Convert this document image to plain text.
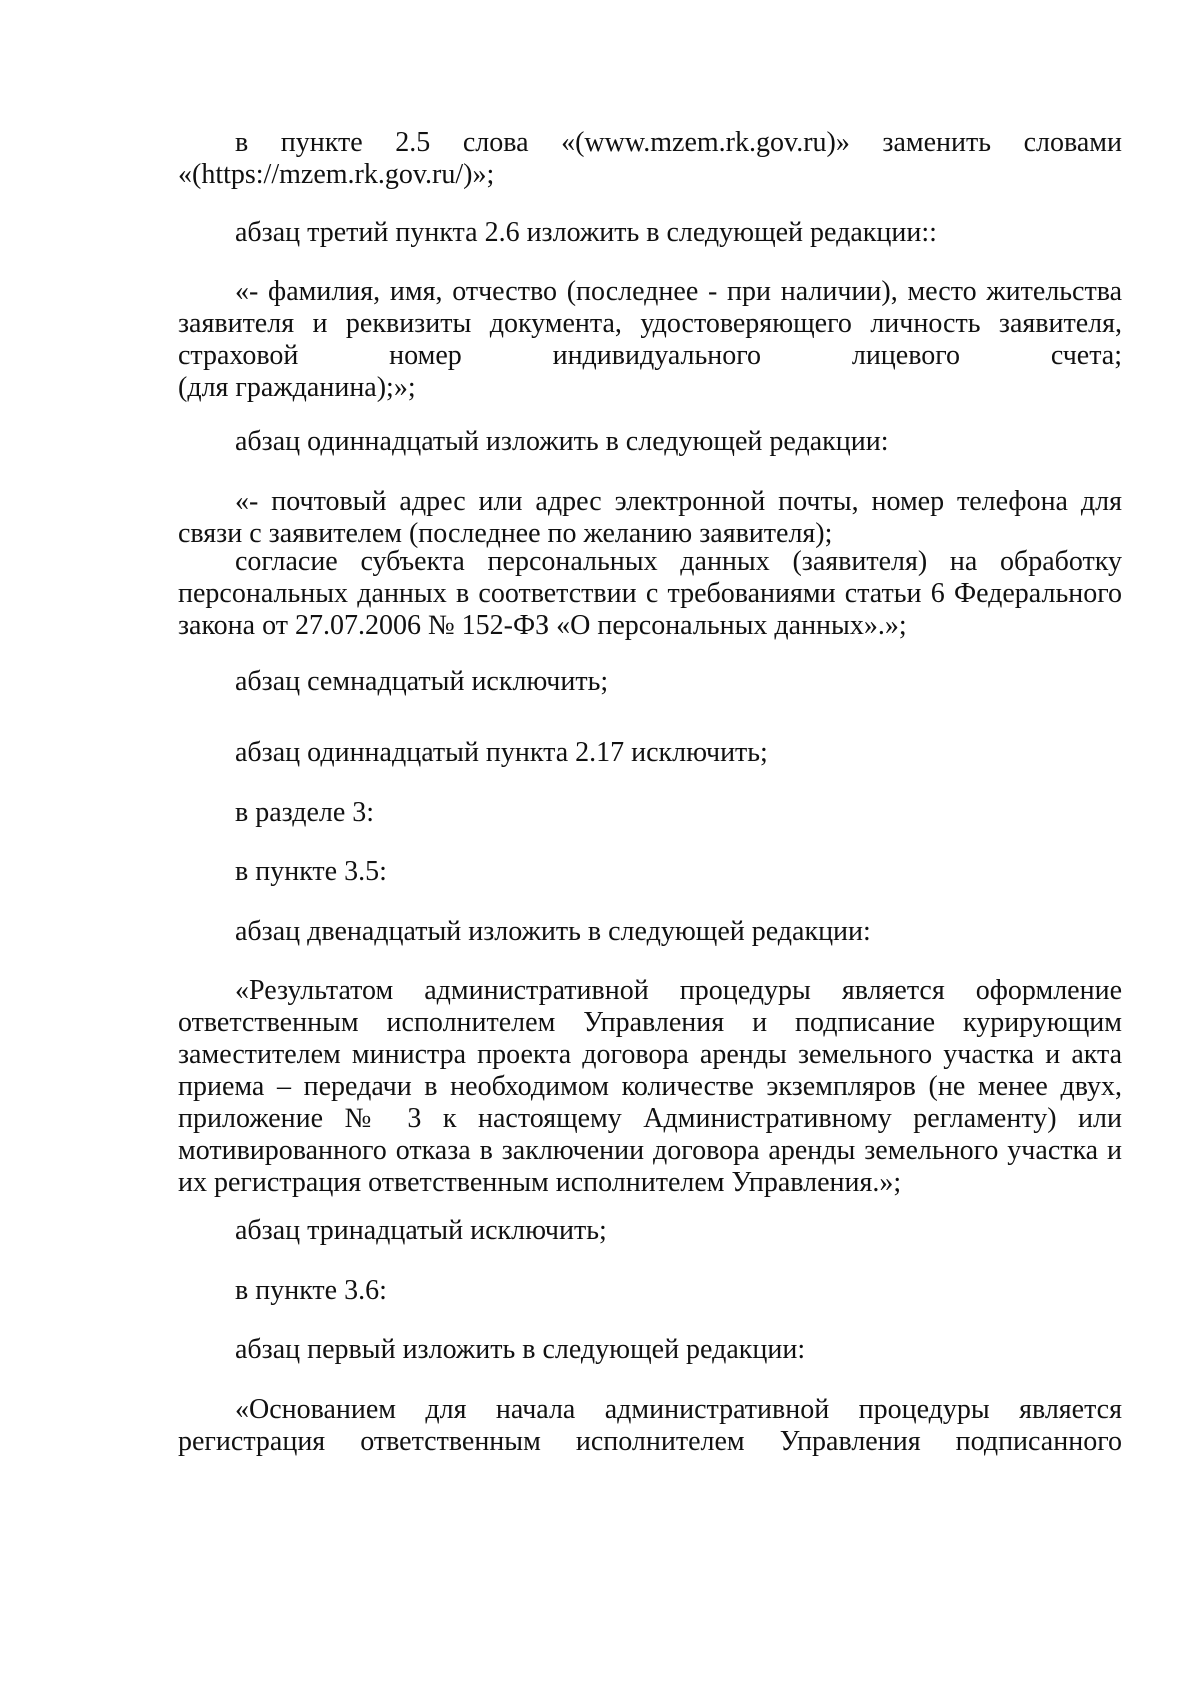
в пункте 2.5 слова «(www.mzem.rk.gov.ru)» заменить словами
«(https://mzem.rk.gov.ru/)»;

абзац третий пункта 2.6 изложить в следующей редакции::

«- фамилия, имя, отчество (последнее - при наличии), место жительства
заявителя и реквизиты документа, удостоверяющего личность заявителя,
страховой номер индивидуального лицевого счета;
(для гражданина);»;

абзац одиннадцатый изложить в следующей редакции:

«- почтовый адрес или адрес электронной почты, номер телефона для
связи с заявителем (последнее по желанию заявителя);

согласие субъекта персональных данных (заявителя) на обработку
персональных данных в соответствии с требованиями статьи 6 Федерального
закона от 27.07.2006 № 152-ФЗ «О персональных данных».»;

абзац семнадцатый исключить;

абзац одиннадцатый пункта 2.17 исключить;

в разделе 3:

в пункте 3.5:

абзац двенадцатый изложить в следующей редакции:

«Результатом административной процедуры является оформление
ответственным исполнителем Управления и подписание курирующим
заместителем министра проекта договора аренды земельного участка и акта
приема – передачи в необходимом количестве экземпляров (не менее двух,
приложение № 3 к настоящему Административному регламенту) или
мотивированного отказа в заключении договора аренды земельного участка и
их регистрация ответственным исполнителем Управления.»;

абзац тринадцатый исключить;

в пункте 3.6:

абзац первый изложить в следующей редакции:

«Основанием для начала административной процедуры является
регистрация ответственным исполнителем Управления подписанного
